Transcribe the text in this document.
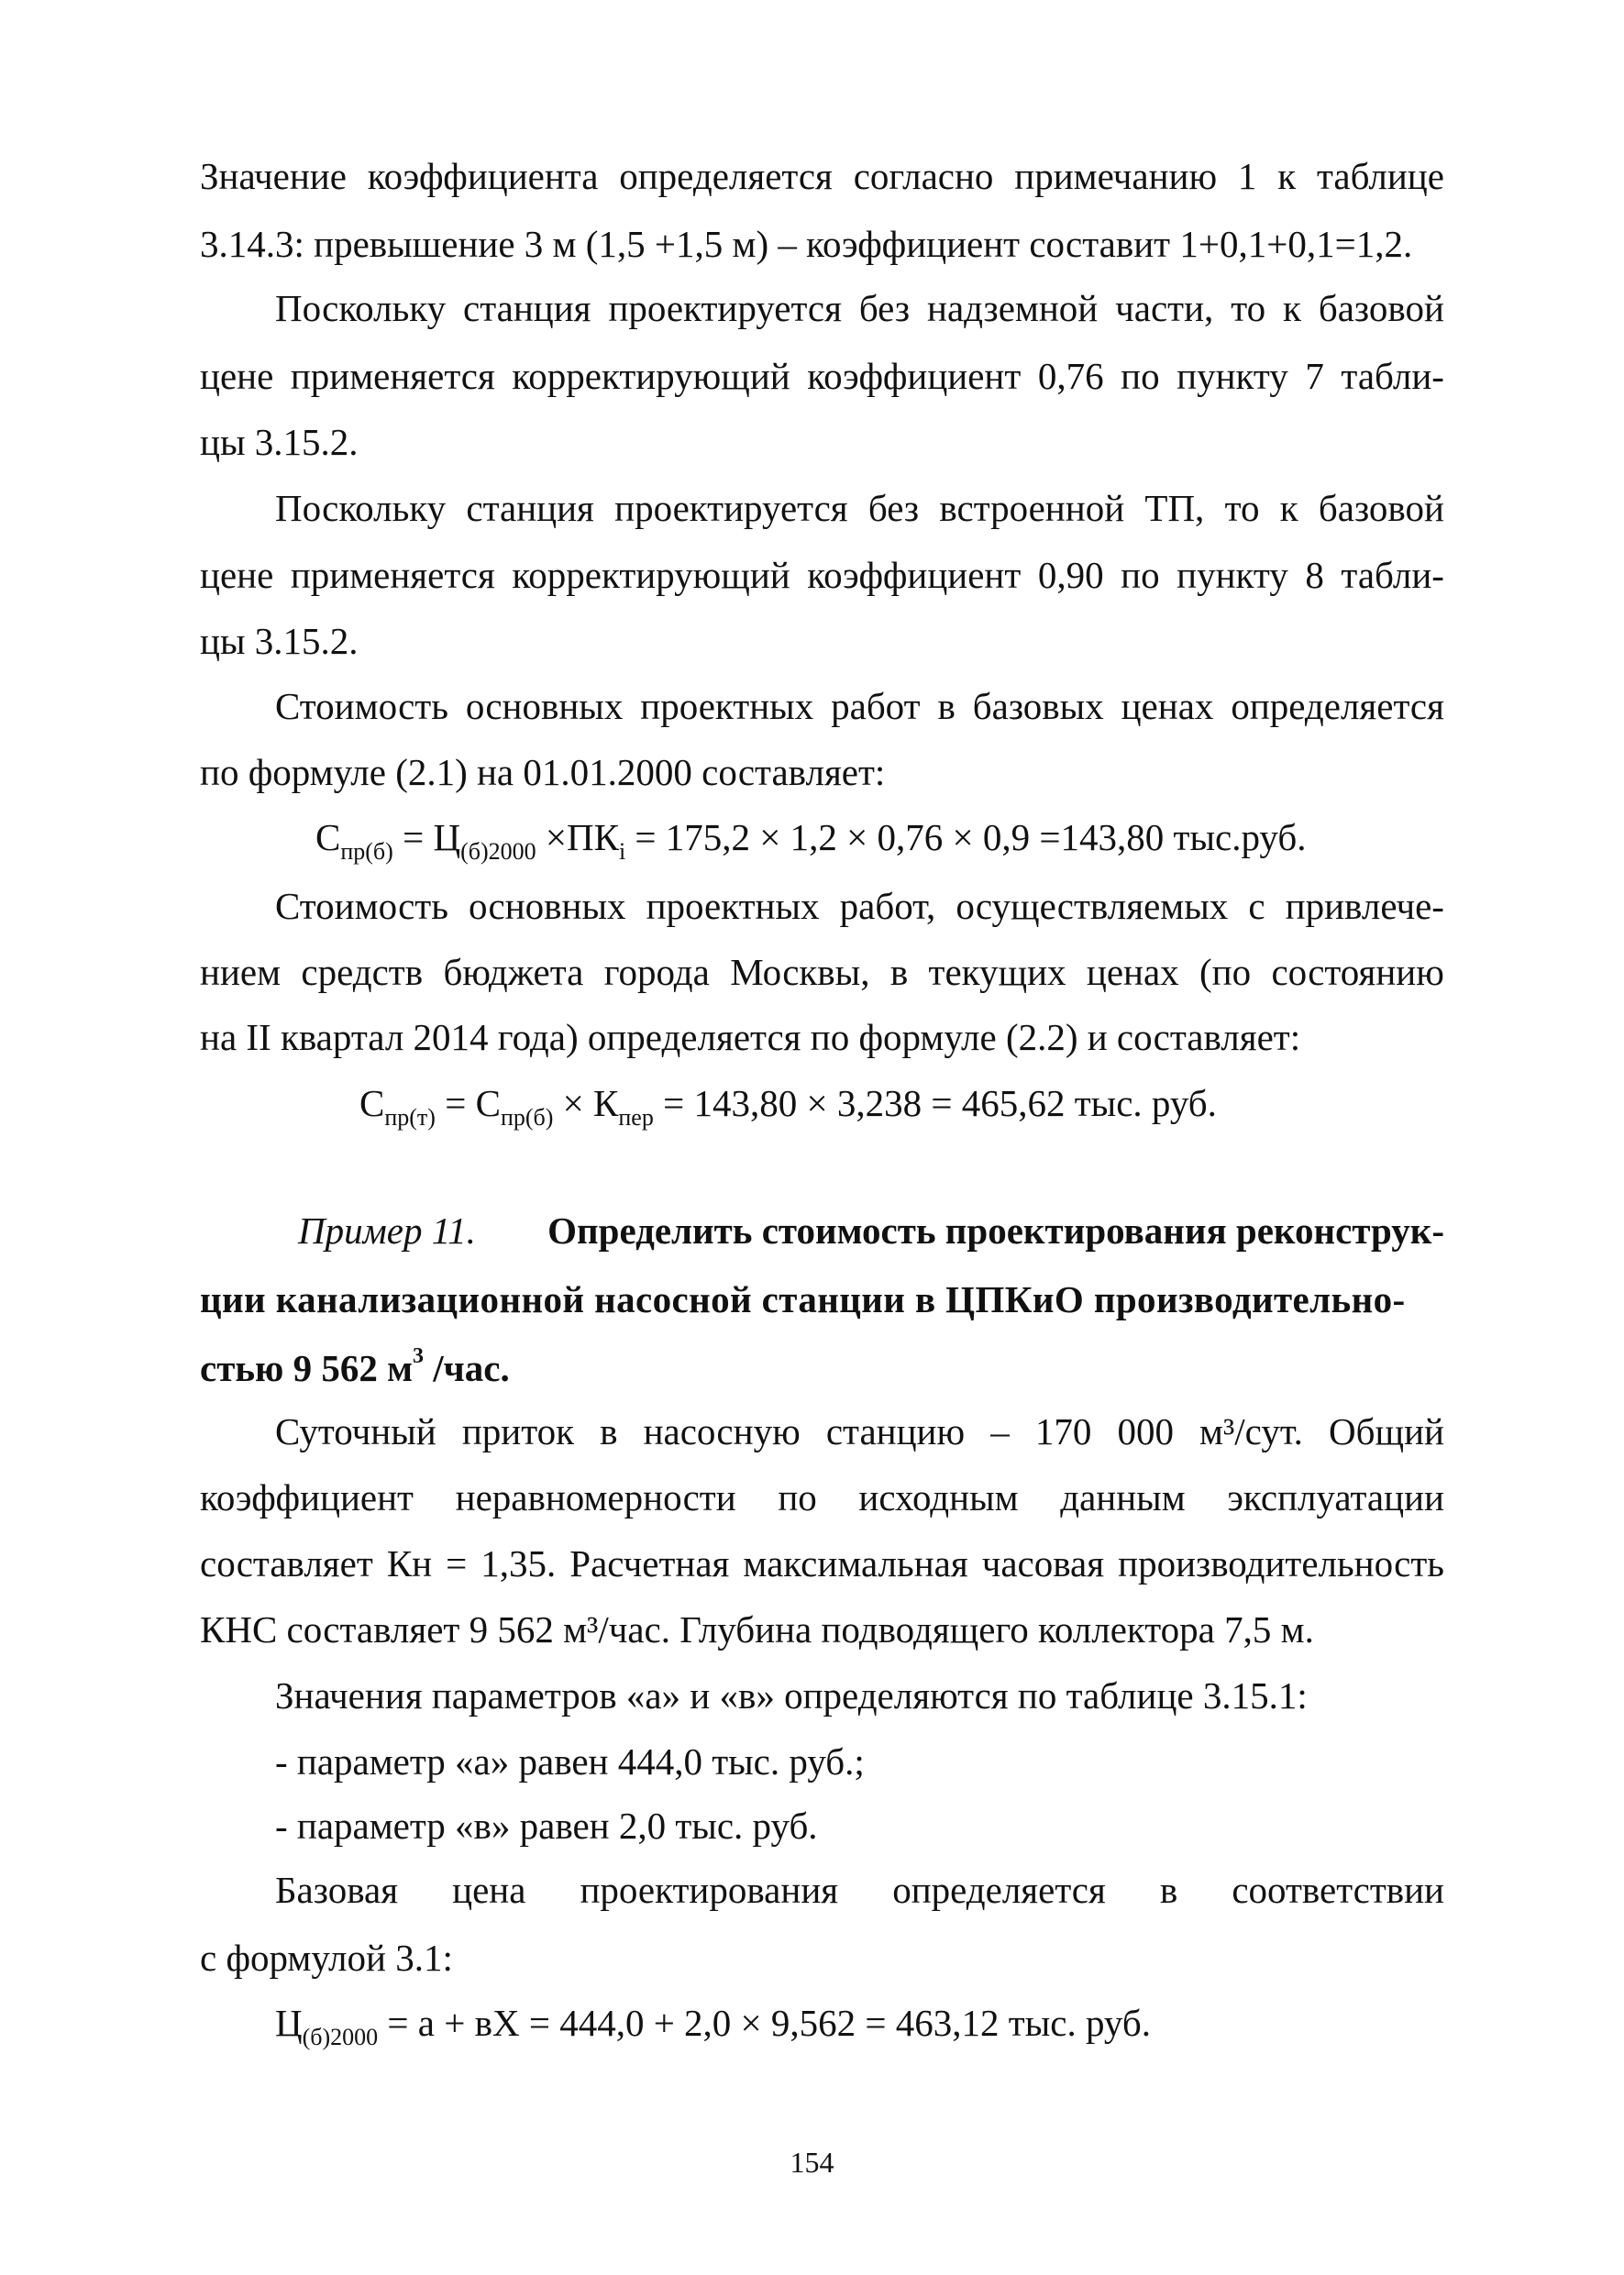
Значение коэффициента определяется согласно примечанию 1 к таблице
3.14.3: превышение 3 м (1,5 +1,5 м) – коэффициент составит 1+0,1+0,1=1,2.
Поскольку станция проектируется без надземной части, то к базовой
цене применяется корректирующий коэффициент 0,76 по пункту 7 табли-
цы 3.15.2.
Поскольку станция проектируется без встроенной ТП, то к базовой
цене применяется корректирующий коэффициент 0,90 по пункту 8 табли-
цы 3.15.2.
Стоимость основных проектных работ в базовых ценах определяется
по формуле (2.1) на 01.01.2000 составляет:
$С_{пр(б)} = Ц_{(б)2000} \times ПК_i = 175,2 \times 1,2 \times 0,76 \times 0,9 =143,80$ тыс.руб.
Стоимость основных проектных работ, осуществляемых с привлече-
нием средств бюджета города Москвы, в текущих ценах (по состоянию
на II квартал 2014 года) определяется по формуле (2.2) и составляет:
$С_{пр(т)} = С_{пр(б)} \times К_{пер} = 143,80 \times 3,238 = 465,62$ тыс. руб.
Пример 11. Определить стоимость проектирования реконструк-
ции канализационной насосной станции в ЦПКиО производительно-
стью 9 562 $м^3$ /час.
Суточный приток в насосную станцию – 170 000 м³/сут. Общий
коэффициент неравномерности по исходным данным эксплуатации
составляет Кн = 1,35. Расчетная максимальная часовая производительность
КНС составляет 9 562 м³/час. Глубина подводящего коллектора 7,5 м.
Значения параметров «а» и «в» определяются по таблице 3.15.1:
- параметр «а» равен 444,0 тыс. руб.;
- параметр «в» равен 2,0 тыс. руб.
Базовая цена проектирования определяется в соответствии
с формулой 3.1:
$Ц_{(б)2000} = а$ + вХ = 444,0 + 2,0 × 9,562 = 463,12 тыс. руб.
154
